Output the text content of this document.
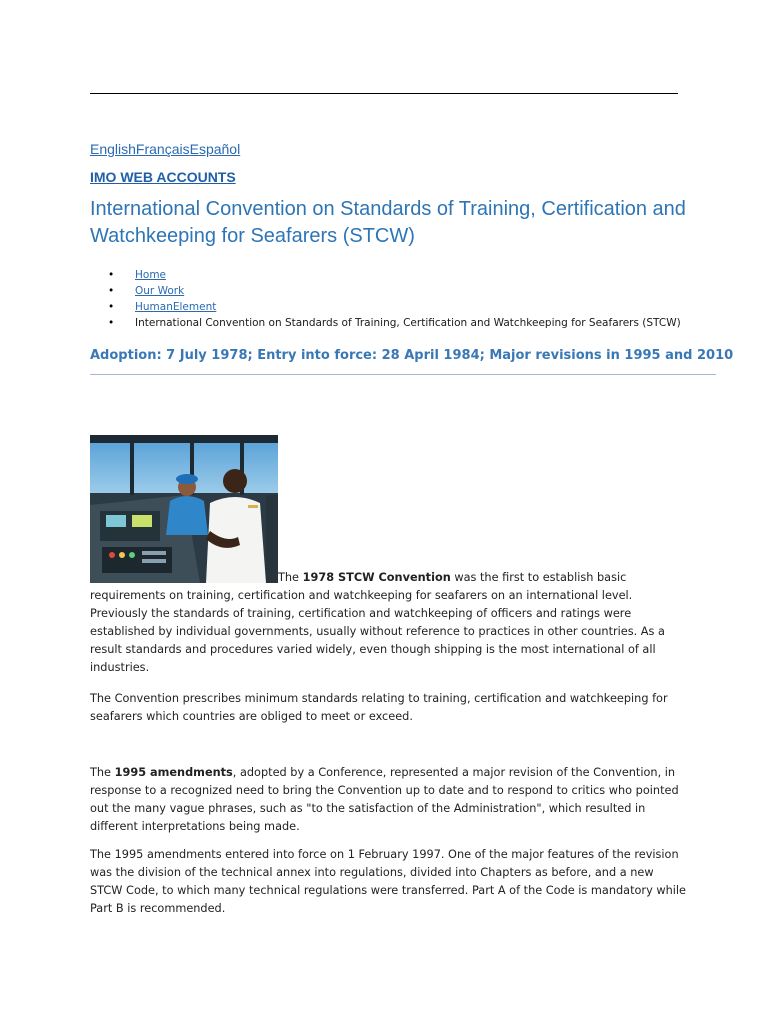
EnglishFrançaisEspañol
IMO WEB ACCOUNTS
International Convention on Standards of Training, Certification and Watchkeeping for Seafarers (STCW)
• Home
• Our Work
• HumanElement
• International Convention on Standards of Training, Certification and Watchkeeping for Seafarers (STCW)
Adoption: 7 July 1978; Entry into force: 28 April 1984; Major revisions in 1995 and 2010

The 1978 STCW Convention was the first to establish basic requirements on training, certification and watchkeeping for seafarers on an international level. Previously the standards of training, certification and watchkeeping of officers and ratings were established by individual governments, usually without reference to practices in other countries. As a result standards and procedures varied widely, even though shipping is the most international of all industries.

The Convention prescribes minimum standards relating to training, certification and watchkeeping for seafarers which countries are obliged to meet or exceed.

The 1995 amendments, adopted by a Conference, represented a major revision of the Convention, in response to a recognized need to bring the Convention up to date and to respond to critics who pointed out the many vague phrases, such as "to the satisfaction of the Administration", which resulted in different interpretations being made.

The 1995 amendments entered into force on 1 February 1997. One of the major features of the revision was the division of the technical annex into regulations, divided into Chapters as before, and a new STCW Code, to which many technical regulations were transferred. Part A of the Code is mandatory while Part B is recommended.
